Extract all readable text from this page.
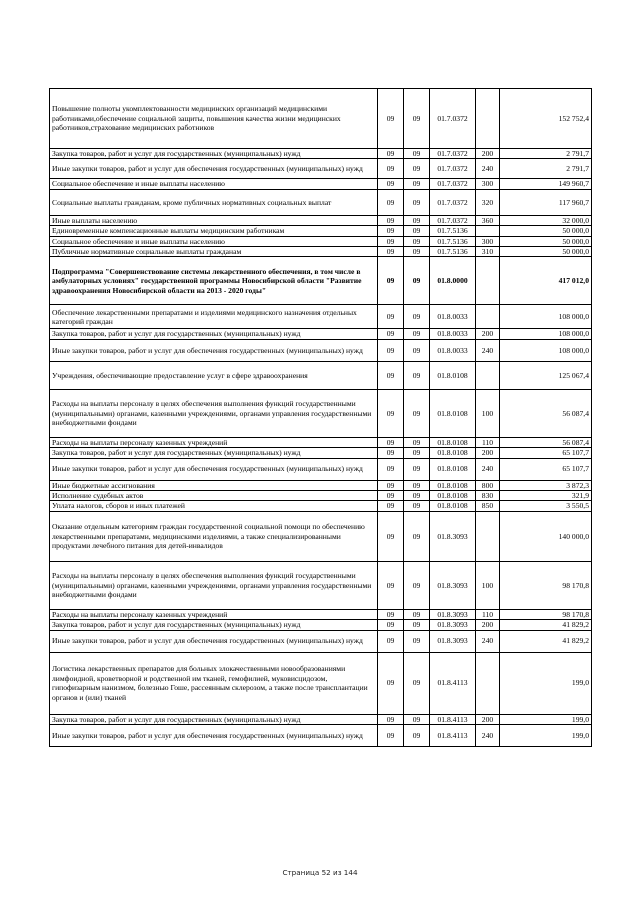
Повышение полноты укомплектованности медицинских организаций медицинскими работниками,обеспечение социальной защиты, повышения качества жизни медицинских работников,страхование медицинских работников	09	09	01.7.0372		152 752,4
Закупка товаров, работ и услуг для государственных (муниципальных) нужд	09	09	01.7.0372	200	2 791,7
Иные закупки товаров, работ и услуг для обеспечения государственных (муниципальных) нужд	09	09	01.7.0372	240	2 791,7
Социальное обеспечение и иные выплаты населению	09	09	01.7.0372	300	149 960,7
Социальные выплаты гражданам, кроме публичных нормативных социальных выплат	09	09	01.7.0372	320	117 960,7
Иные выплаты населению	09	09	01.7.0372	360	32 000,0
Единовременные компенсационные выплаты медицинским работникам	09	09	01.7.5136		50 000,0
Социальное обеспечение и иные выплаты населению	09	09	01.7.5136	300	50 000,0
Публичные нормативные социальные выплаты гражданам	09	09	01.7.5136	310	50 000,0
Подпрограмма "Совершенствование системы лекарственного обеспечения, в том числе в амбулаторных условиях" государственной программы Новосибирской области "Развитие здравоохранения Новосибирской области на 2013 - 2020 годы"	09	09	01.8.0000		417 012,0
Обеспечение лекарственными препаратами и изделиями медицинского назначения отдельных категорий граждан	09	09	01.8.0033		108 000,0
Закупка товаров, работ и услуг для государственных (муниципальных) нужд	09	09	01.8.0033	200	108 000,0
Иные закупки товаров, работ и услуг для обеспечения государственных (муниципальных) нужд	09	09	01.8.0033	240	108 000,0
Учреждения, обеспечивающие предоставление услуг в сфере здравоохранения	09	09	01.8.0108		125 067,4
Расходы на выплаты персоналу в целях обеспечения выполнения функций государственными (муниципальными) органами, казенными учреждениями, органами управления государственными внебюджетными фондами	09	09	01.8.0108	100	56 087,4
Расходы на выплаты персоналу казенных учреждений	09	09	01.8.0108	110	56 087,4
Закупка товаров, работ и услуг для государственных (муниципальных) нужд	09	09	01.8.0108	200	65 107,7
Иные закупки товаров, работ и услуг для обеспечения государственных (муниципальных) нужд	09	09	01.8.0108	240	65 107,7
Иные бюджетные ассигнования	09	09	01.8.0108	800	3 872,3
Исполнение судебных актов	09	09	01.8.0108	830	321,9
Уплата налогов, сборов и иных платежей	09	09	01.8.0108	850	3 550,5
Оказание отдельным категориям граждан государственной социальной помощи по обеспечению лекарственными препаратами, медицинскими изделиями, а также специализированными продуктами лечебного питания для детей-инвалидов	09	09	01.8.3093		140 000,0
Расходы на выплаты персоналу в целях обеспечения выполнения функций государственными (муниципальными) органами, казенными учреждениями, органами управления государственными внебюджетными фондами	09	09	01.8.3093	100	98 170,8
Расходы на выплаты персоналу казенных учреждений	09	09	01.8.3093	110	98 170,8
Закупка товаров, работ и услуг для государственных (муниципальных) нужд	09	09	01.8.3093	200	41 829,2
Иные закупки товаров, работ и услуг для обеспечения государственных (муниципальных) нужд	09	09	01.8.3093	240	41 829,2
Логистика лекарственных препаратов для больных злокачественными новообразованиями лимфоидной, кроветворной и родственной им тканей, гемофилией, муковисцидозом, гипофизарным нанизмом, болезнью Гоше, рассеянным склерозом, а также после трансплантации органов и (или) тканей	09	09	01.8.4113		199,0
Закупка товаров, работ и услуг для государственных (муниципальных) нужд	09	09	01.8.4113	200	199,0
Иные закупки товаров, работ и услуг для обеспечения государственных (муниципальных) нужд	09	09	01.8.4113	240	199,0
Страница 52 из 144
